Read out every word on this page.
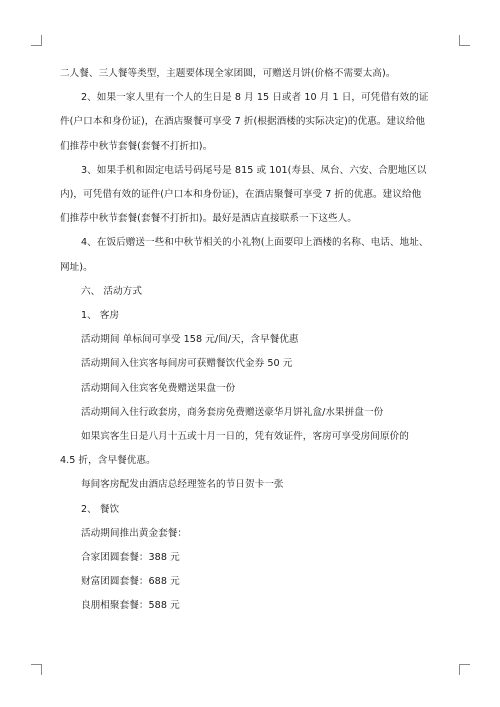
二人餐、三人餐等类型，主题要体现全家团圆，可赠送月饼(价格不需要太高)。

2、如果一家人里有一个人的生日是 8 月 15 日或者 10 月 1 日，可凭借有效的证

件(户口本和身份证)，在酒店聚餐可享受 7 折(根据酒楼的实际决定)的优惠。建议给他

们推荐中秋节套餐(套餐不打折扣)。

3、如果手机和固定电话号码尾号是 815 或 101(寿县、凤台、六安、合肥地区以

内)，可凭借有效的证件(户口本和身份证)，在酒店聚餐可享受 7 折的优惠。建议给他

们推荐中秋节套餐(套餐不打折扣)。最好是酒店直接联系一下这些人。

4、在饭后赠送一些和中秋节相关的小礼物(上面要印上酒楼的名称、电话、地址、

网址)。

六、 活动方式

1、 客房

活动期间 单标间可享受 158 元/间/天，含早餐优惠

活动期间入住宾客每间房可获赠餐饮代金券 50 元

活动期间入住宾客免费赠送果盘一份

活动期间入住行政套房，商务套房免费赠送豪华月饼礼盒/水果拼盘一份

如果宾客生日是八月十五或十月一日的，凭有效证件，客房可享受房间原价的

4.5 折，含早餐优惠。

每间客房配发由酒店总经理签名的节日贺卡一张

2、 餐饮

活动期间推出黄金套餐：

合家团圆套餐：388 元

财富团圆套餐：688 元

良朋相聚套餐：588 元
